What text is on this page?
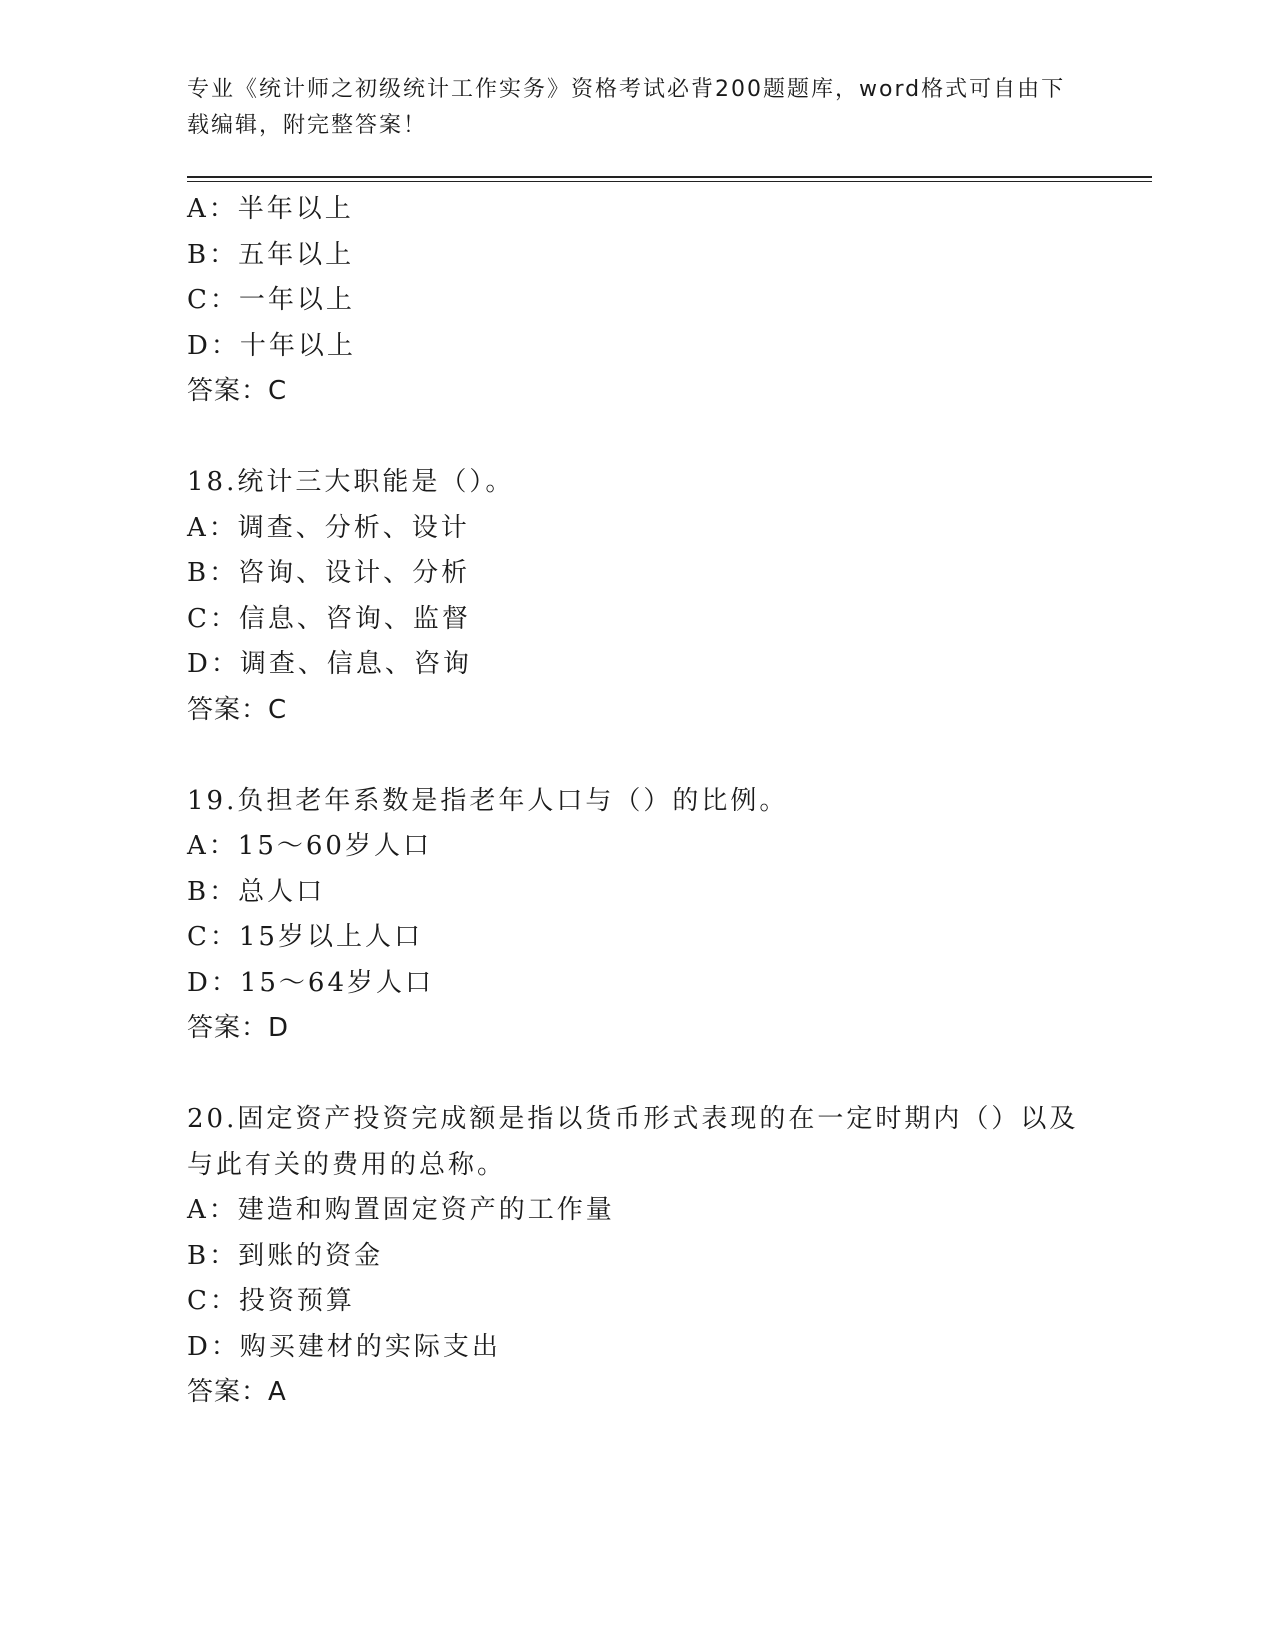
专业《统计师之初级统计工作实务》资格考试必背200题题库，word格式可自由下载编辑，附完整答案！
A：半年以上
B：五年以上
C：一年以上
D：十年以上
答案：C
18.统计三大职能是（）。
A：调查、分析、设计
B：咨询、设计、分析
C：信息、咨询、监督
D：调查、信息、咨询
答案：C
19.负担老年系数是指老年人口与（）的比例。
A：15～60岁人口
B：总人口
C：15岁以上人口
D：15～64岁人口
答案：D
20.固定资产投资完成额是指以货币形式表现的在一定时期内（）以及
与此有关的费用的总称。
A：建造和购置固定资产的工作量
B：到账的资金
C：投资预算
D：购买建材的实际支出
答案：A
